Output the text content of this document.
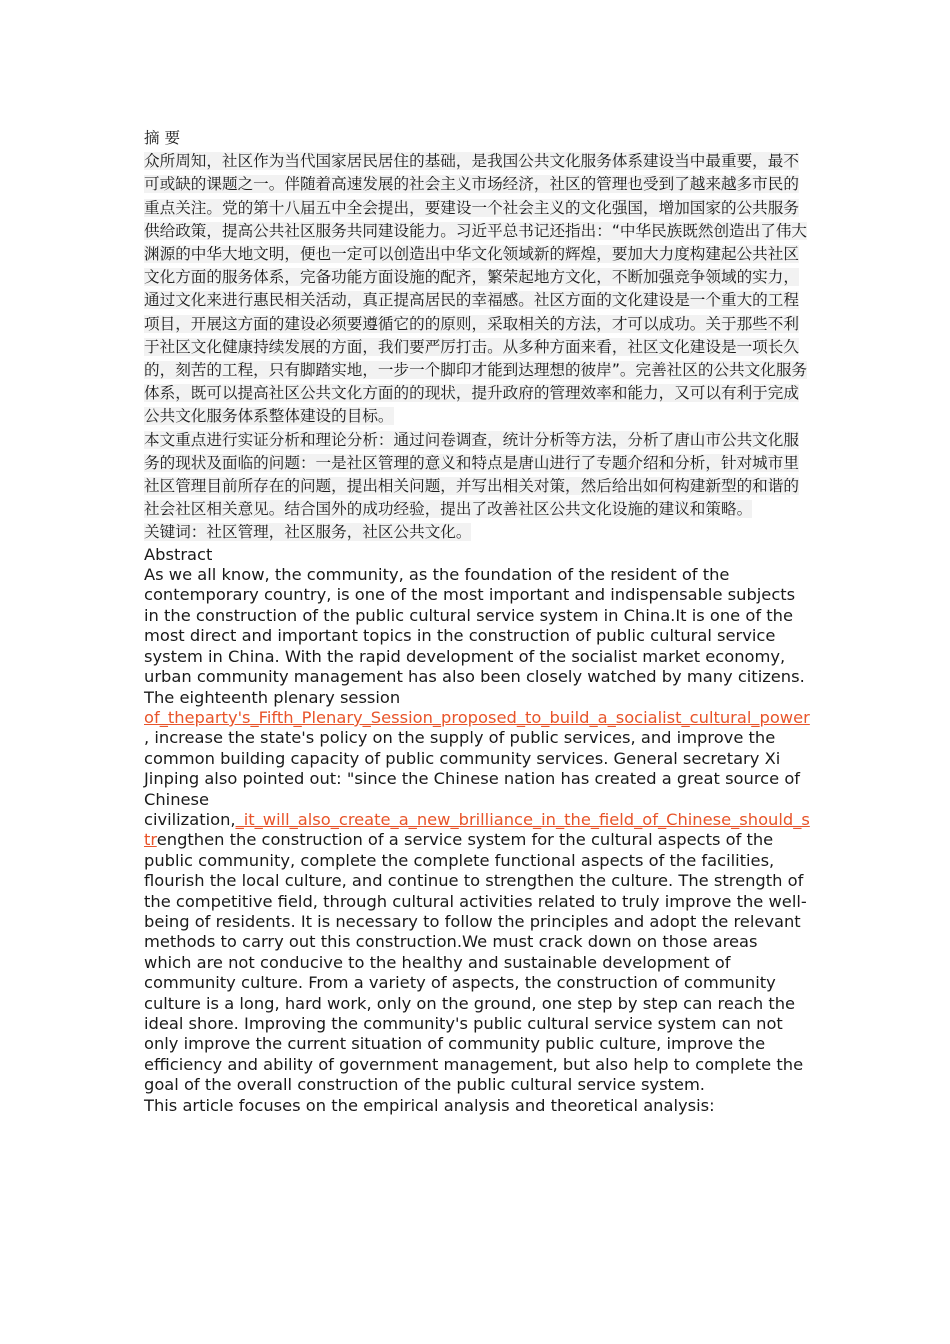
摘 要

众所周知，社区作为当代国家居民居住的基础，是我国公共文化服务体系建设当中最重要，最不可或缺的课题之一。伴随着高速发展的社会主义市场经济，社区的管理也受到了越来越多市民的重点关注。党的第十八届五中全会提出，要建设一个社会主义的文化强国，增加国家的公共服务供给政策，提高公共社区服务共同建设能力。习近平总书记还指出：“中华民族既然创造出了伟大渊源的中华大地文明，便也一定可以创造出中华文化领域新的辉煌，要加大力度构建起公共社区文化方面的服务体系，完备功能方面设施的配齐，繁荣起地方文化，不断加强竞争领域的实力，通过文化来进行惠民相关活动，真正提高居民的幸福感。社区方面的文化建设是一个重大的工程项目，开展这方面的建设必须要遵循它的的原则，采取相关的方法，才可以成功。关于那些不利于社区文化健康持续发展的方面，我们要严厉打击。从多种方面来看，社区文化建设是一项长久的，刻苦的工程，只有脚踏实地，一步一个脚印才能到达理想的彼岸”。完善社区的公共文化服务体系，既可以提高社区公共文化方面的的现状，提升政府的管理效率和能力，又可以有利于完成公共文化服务体系整体建设的目标。

本文重点进行实证分析和理论分析：通过问卷调查，统计分析等方法，分析了唐山市公共文化服务的现状及面临的问题：一是社区管理的意义和特点是唐山进行了专题介绍和分析，针对城市里社区管理目前所存在的问题，提出相关问题，并写出相关对策，然后给出如何构建新型的和谐的社会社区相关意见。结合国外的成功经验，提出了改善社区公共文化设施的建议和策略。

关键词：社区管理，社区服务，社区公共文化。

Abstract

As we all know, the community, as the foundation of the resident of the contemporary country, is one of the most important and indispensable subjects in the construction of the public cultural service system in China.It is one of the most direct and important topics in the construction of public cultural service system in China. With the rapid development of the socialist market economy, urban community management has also been closely watched by many citizens. The eighteenth plenary session of_theparty's_Fifth_Plenary_Session_proposed_to_build_a_socialist_cultural_power, increase the state's policy on the supply of public services, and improve the common building capacity of public community services. General secretary Xi Jinping also pointed out: "since the Chinese nation has created a great source of Chinese civilization,_it_will_also_create_a_new_brilliance_in_the_field_of_Chinese_should_strengthen the construction of a service system for the cultural aspects of the public community, complete the complete functional aspects of the facilities, flourish the local culture, and continue to strengthen the culture. The strength of the competitive field, through cultural activities related to truly improve the well-being of residents. It is necessary to follow the principles and adopt the relevant methods to carry out this construction.We must crack down on those areas which are not conducive to the healthy and sustainable development of community culture. From a variety of aspects, the construction of community culture is a long, hard work, only on the ground, one step by step can reach the ideal shore. Improving the community's public cultural service system can not only improve the current situation of community public culture, improve the efficiency and ability of government management, but also help to complete the goal of the overall construction of the public cultural service system.

This article focuses on the empirical analysis and theoretical analysis:
